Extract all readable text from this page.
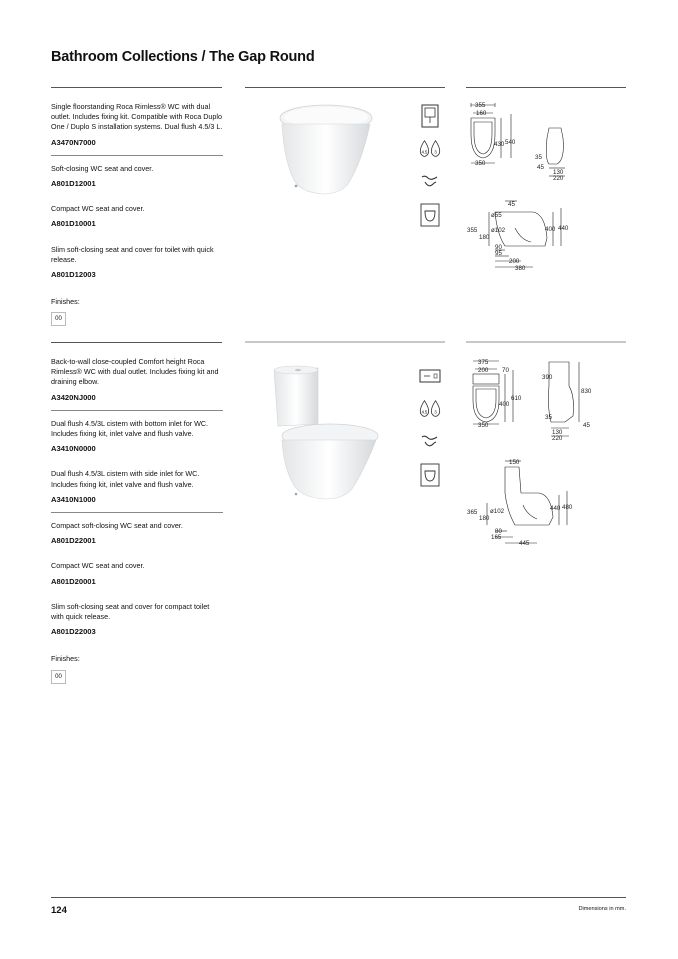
Bathroom Collections / The Gap Round
Single floorstanding Roca Rimless® WC with dual outlet. Includes fixing kit. Compatible with Roca Duplo One / Duplo S installation systems. Dual flush 4.5/3 L.
A3470N7000
Soft-closing WC seat and cover.
A801D12001
Compact WC seat and cover.
A801D10001
Slim soft-closing seat and cover for toilet with quick release.
A801D12003
Finishes:
00
4.5 3
355
160
430 540
350
35
45
130
220
45
ø55
ø102
355
180
400 440
90
95
200
380
Back-to-wall close-coupled Comfort height Roca Rimless® WC with dual outlet. Includes fixing kit and draining elbow.
A3420NJ000
Dual flush 4.5/3L cistern with bottom inlet for WC. Includes fixing kit, inlet valve and flush valve.
A3410N0000
Dual flush 4.5/3L cistern with side inlet for WC. Includes fixing kit, inlet valve and flush valve.
A3410N1000
Compact soft-closing WC seat and cover.
A801D22001
Compact WC seat and cover.
A801D20001
Slim soft-closing seat and cover for compact toilet with quick release.
A801D22003
Finishes:
00
4.5 3
375
200 70
400
610
350
390
830
35
45
130
220
150
365 ø102
180
440 480
80
165
445
124	Dimensions in mm.
